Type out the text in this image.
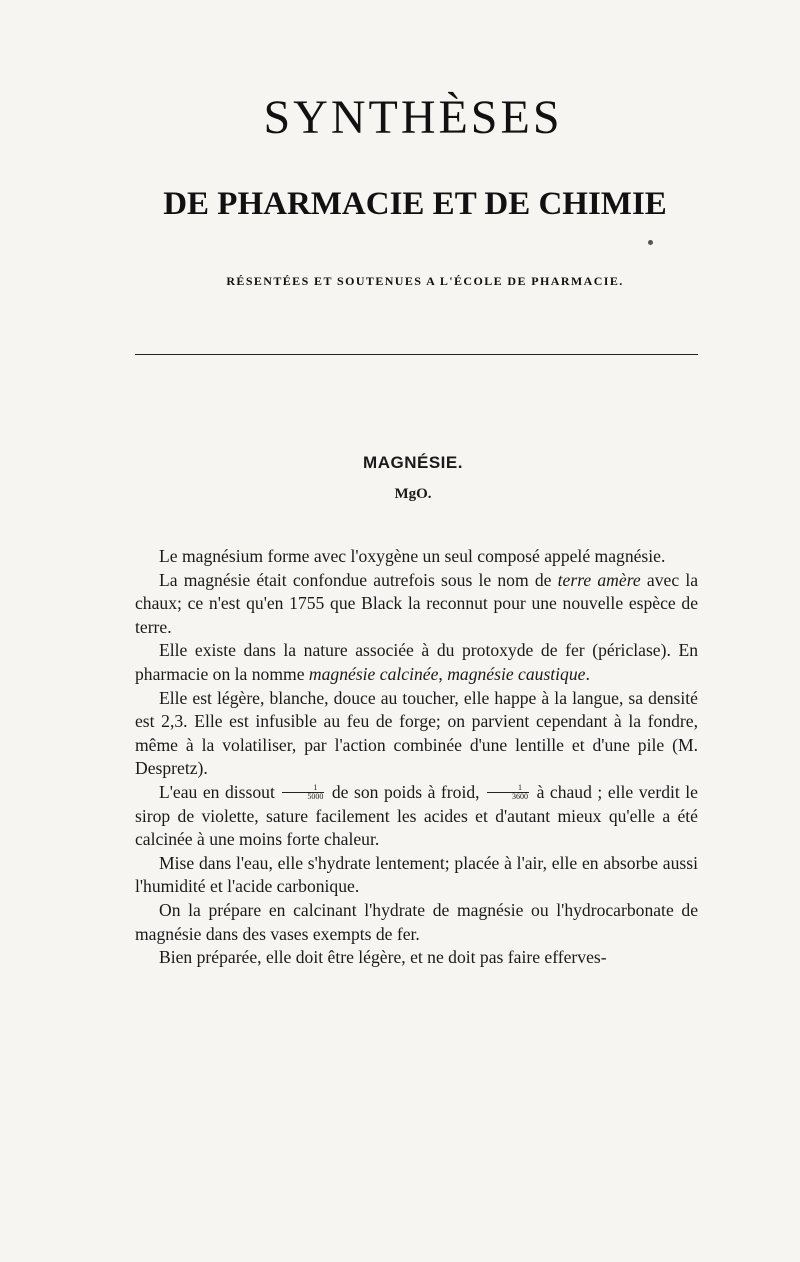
SYNTHÈSES
DE PHARMACIE ET DE CHIMIE
RÉSENTÉES ET SOUTENUES A L'ÉCOLE DE PHARMACIE.
MAGNÉSIE.
MgO.

Le magnésium forme avec l'oxygène un seul composé appelé magnésie.

La magnésie était confondue autrefois sous le nom de terre amère avec la chaux; ce n'est qu'en 1755 que Black la reconnut pour une nouvelle espèce de terre.

Elle existe dans la nature associée à du protoxyde de fer (périclase). En pharmacie on la nomme magnésie calcinée, magnésie caustique.

Elle est légère, blanche, douce au toucher, elle happe à la langue, sa densité est 2,3. Elle est infusible au feu de forge; on parvient cependant à la fondre, même à la volatiliser, par l'action combinée d'une lentille et d'une pile (M. Despretz).

L'eau en dissout $\frac{1}{5000}$ de son poids à froid, $\frac{1}{3600}$ à chaud ; elle verdit le sirop de violette, sature facilement les acides et d'autant mieux qu'elle a été calcinée à une moins forte chaleur.

Mise dans l'eau, elle s'hydrate lentement; placée à l'air, elle en absorbe aussi l'humidité et l'acide carbonique.

On la prépare en calcinant l'hydrate de magnésie ou l'hydrocarbonate de magnésie dans des vases exempts de fer.

Bien préparée, elle doit être légère, et ne doit pas faire efferves-
